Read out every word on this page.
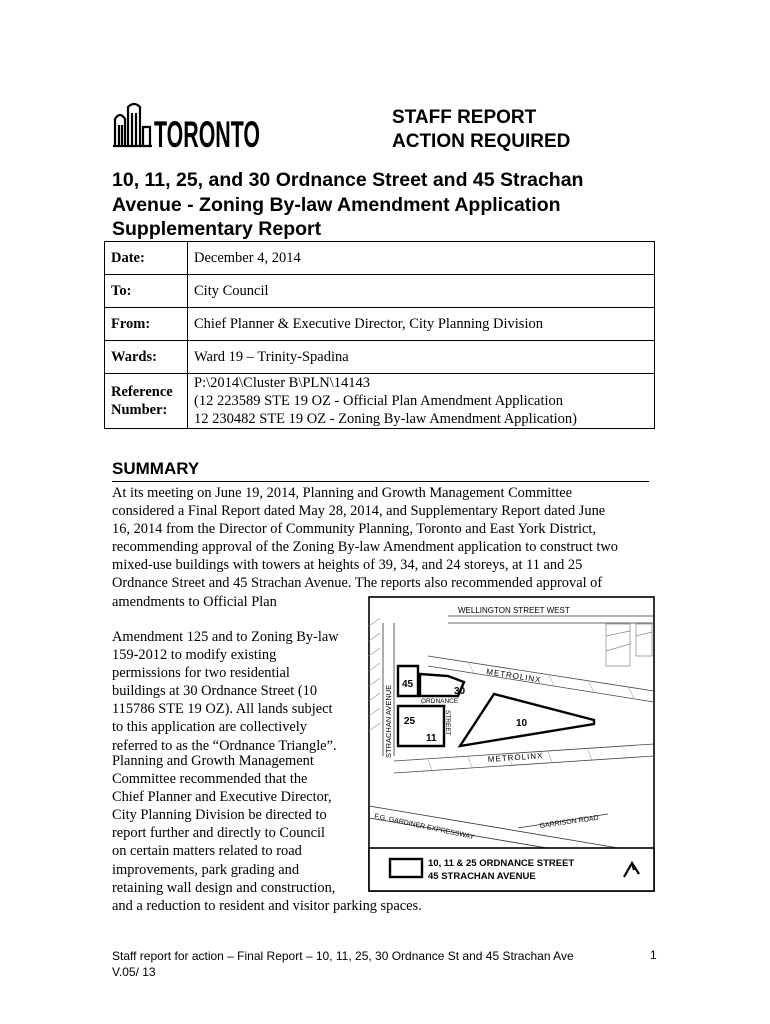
TORONTO	STAFF REPORT
ACTION REQUIRED
10, 11, 25, and 30 Ordnance Street and 45 Strachan
Avenue - Zoning By-law Amendment Application
Supplementary Report
Date:	December 4, 2014
To:	City Council
From:	Chief Planner & Executive Director, City Planning Division
Wards:	Ward 19 – Trinity-Spadina

Reference
Number:	P:\2014\Cluster B\PLN\14143
(12 223589 STE 19 OZ - Official Plan Amendment Application
12 230482 STE 19 OZ - Zoning By-law Amendment Application)
SUMMARY
At its meeting on June 19, 2014, Planning and Growth Management Committee
considered a Final Report dated May 28, 2014, and Supplementary Report dated June
16, 2014 from the Director of Community Planning, Toronto and East York District,
recommending approval of the Zoning By-law Amendment application to construct two
mixed-use buildings with towers at heights of 39, 34, and 24 storeys, at 11 and 25
Ordnance Street and 45 Strachan Avenue. The reports also recommended approval of
amendments to Official Plan
Amendment 125 and to Zoning By-law
159-2012 to modify existing
permissions for two residential
buildings at 30 Ordnance Street (10
115786 STE 19 OZ). All lands subject
to this application are collectively
referred to as the “Ordnance Triangle”.
Planning and Growth Management
Committee recommended that the
Chief Planner and Executive Director,
City Planning Division be directed to
report further and directly to Council
on certain matters related to road
improvements, park grading and
retaining wall design and construction,
and a reduction to resident and visitor parking spaces.
WELLINGTON STREET WEST
STRACHAN AVENUE
METROLINX
METROLINX
ORDNANCE
STREET
45
30
25
11
10
F.G. GARDINER EXPRESSWAY	GARRISON ROAD
10, 11 & 25 ORDNANCE STREET
45 STRACHAN AVENUE
Staff report for action – Final Report – 10, 11, 25, 30 Ordnance St and 45 Strachan Ave
V.05/ 13
1
